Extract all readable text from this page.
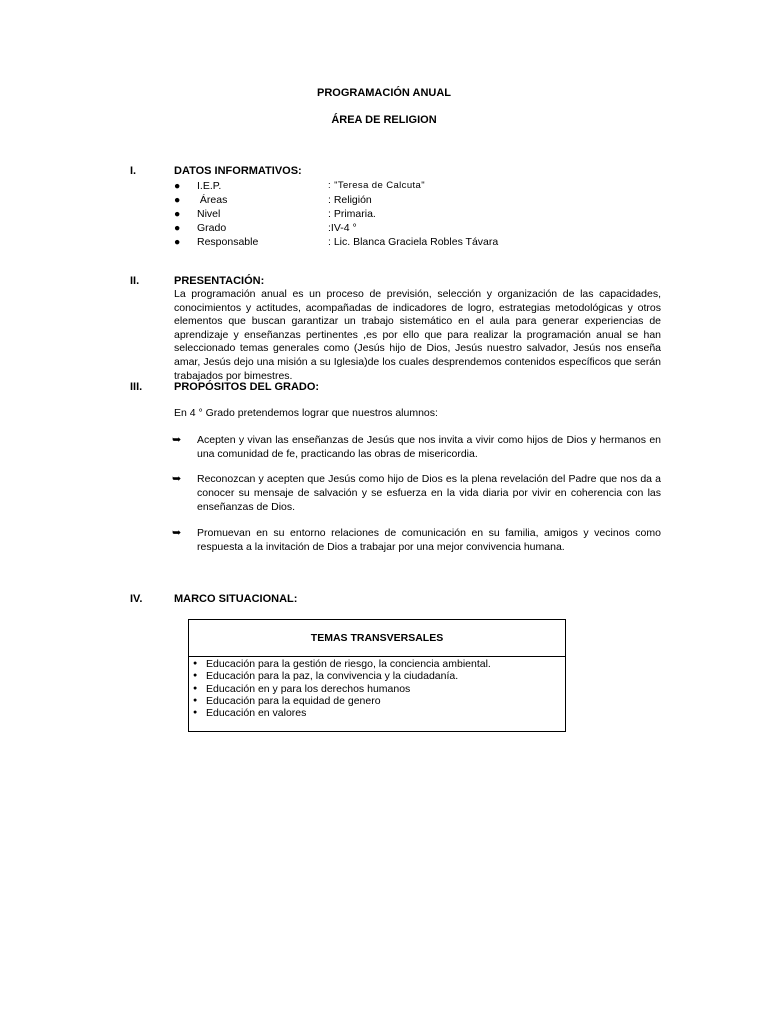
PROGRAMACIÓN ANUAL
ÁREA DE RELIGION
I.	DATOS INFORMATIVOS:
●	I.E.P.	: "Teresa de Calcuta"
●	Áreas	: Religión
●	Nivel	: Primaria.
●	Grado	:IV-4 °
●	Responsable	: Lic. Blanca Graciela Robles Távara
II.	PRESENTACIÓN:

La programación anual es un proceso de previsión, selección y organización de las capacidades, conocimientos y actitudes, acompañadas de indicadores de logro, estrategias metodológicas y otros elementos que buscan garantizar un trabajo sistemático en el aula para generar experiencias de aprendizaje y enseñanzas pertinentes ,es por ello que para realizar la programación anual se han seleccionado temas generales como (Jesús hijo de Dios, Jesús nuestro salvador, Jesús nos enseña amar, Jesús dejo una misión a su Iglesia)de los cuales desprendemos contenidos específicos que serán trabajados por bimestres.

III.	PROPÓSITOS DEL GRADO:
En 4 ° Grado pretendemos lograr que nuestros alumnos:
➥ Acepten y vivan las enseñanzas de Jesús que nos invita a vivir como hijos de Dios y hermanos en una comunidad de fe, practicando las obras de misericordia.

➥ Reconozcan y acepten que Jesús como hijo de Dios es la plena revelación del Padre que nos da a conocer su mensaje de salvación y se esfuerza en la vida diaria por vivir en coherencia con las enseñanzas de Dios.

➥ Promuevan en su entorno relaciones de comunicación en su familia, amigos y vecinos como respuesta a la invitación de Dios a trabajar por una mejor convivencia humana.

IV.	MARCO SITUACIONAL:
TEMAS TRANSVERSALES
● Educación para la gestión de riesgo, la conciencia ambiental.
● Educación para la paz, la convivencia y la ciudadanía.
● Educación en y para los derechos humanos
● Educación para la equidad de genero
● Educación en valores
